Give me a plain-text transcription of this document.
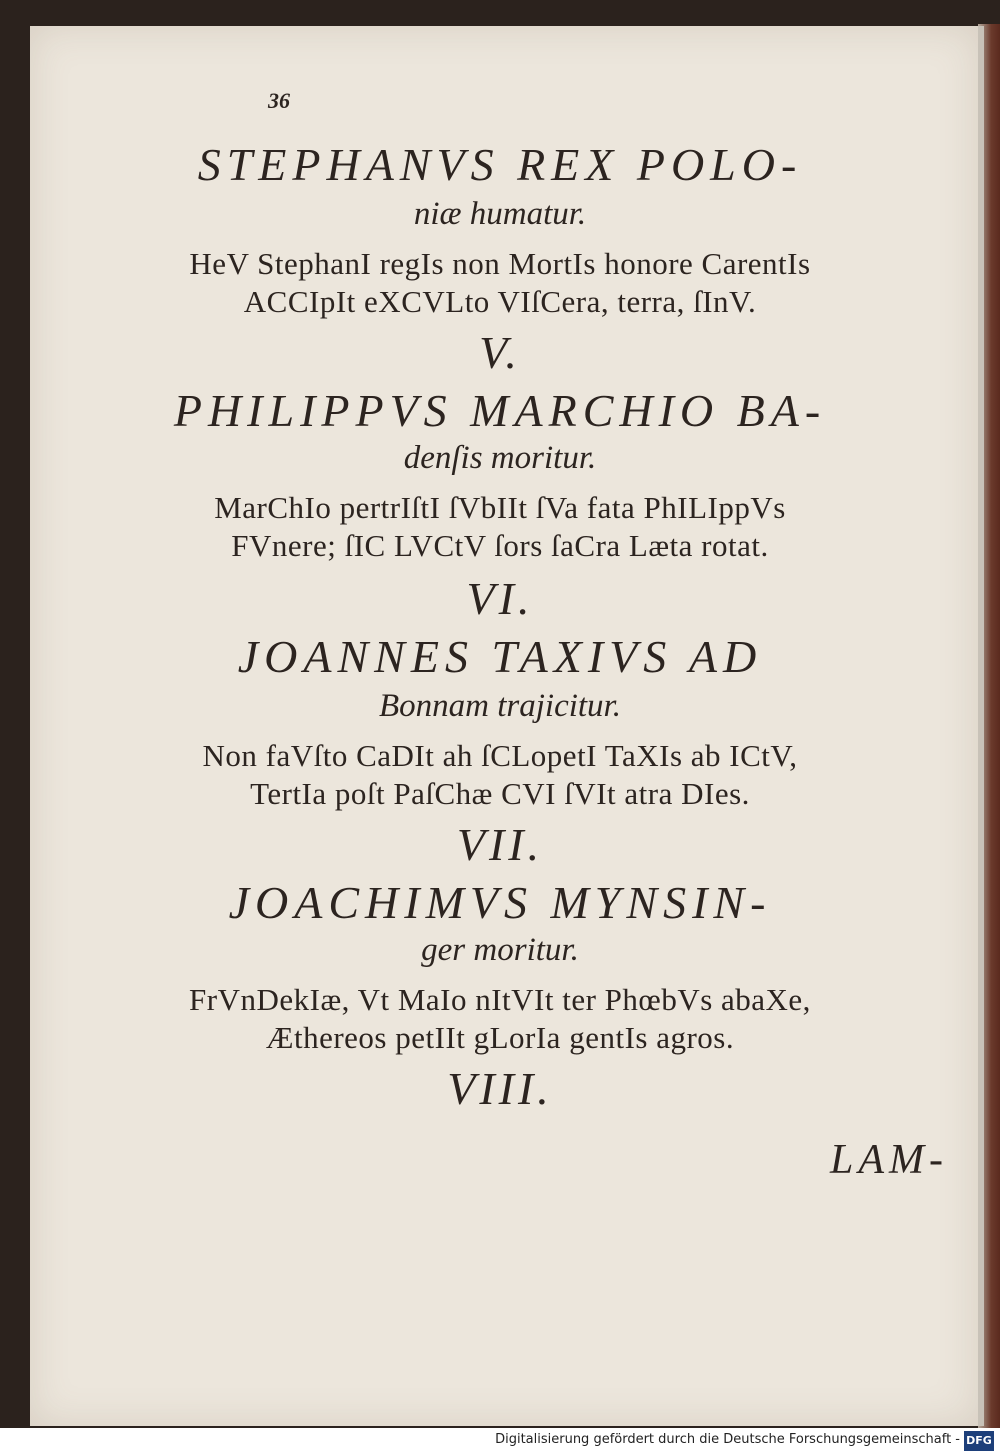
36
STEPHANVS REX POLO-
niæ humatur.
HeV StephanI regIs non MortIs honore CarentIs
ACCIpIt eXCVLto VIſCera, terra, ſInV.
V.
PHILIPPVS MARCHIO BA-
denſis moritur.
MarChIo pertrIſtI ſVbIIt ſVa fata PhILIppVs
FVnere; ſIC LVCtV ſors ſaCra Læta rotat.
VI.
JOANNES TAXIVS AD
Bonnam trajicitur.
Non faVſto CaDIt ah ſCLopetI TaXIs ab ICtV,
TertIa poſt PaſChæ CVI ſVIt atra DIes.
VII.
JOACHIMVS MYNSIN-
ger moritur.
FrVnDekIæ, Vt MaIo nItVIt ter PhœbVs abaXe,
Æthereos petIIt gLorIa gentIs agros.
VIII.
LAM-
Digitalisierung gefördert durch die Deutsche Forschungsgemeinschaft - DFG
